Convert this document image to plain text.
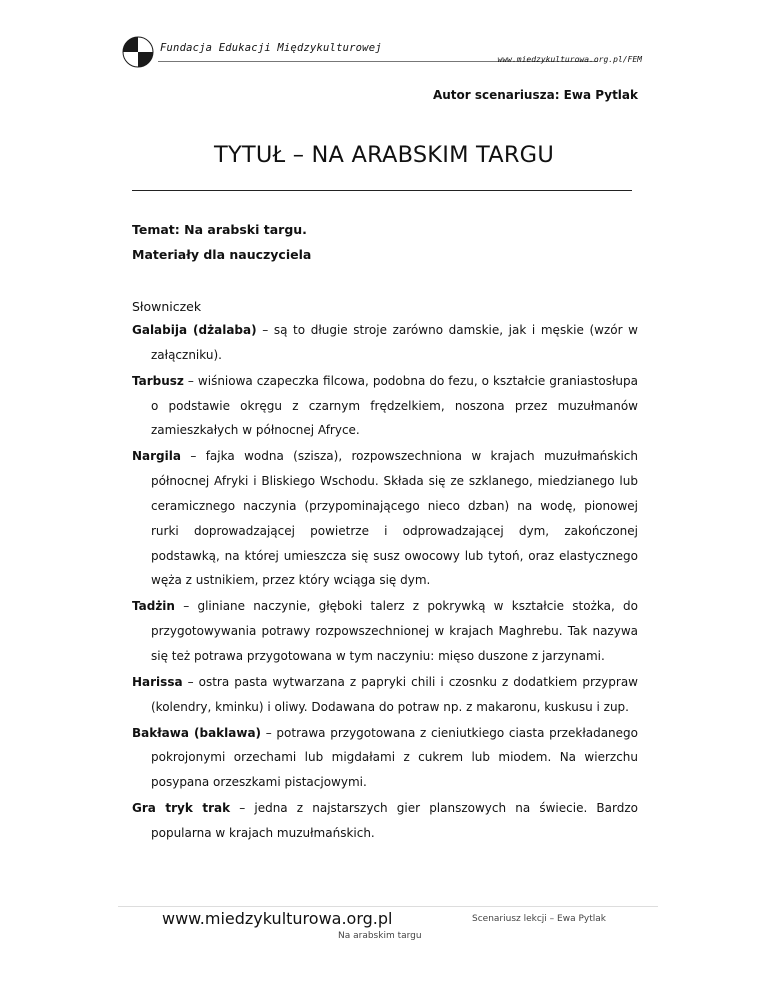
Fundacja Edukacji Międzykulturowej
www.miedzykulturowa.org.pl/FEM
Autor scenariusza: Ewa Pytlak
TYTUŁ – NA ARABSKIM TARGU
Temat: Na arabski targu.
Materiały dla nauczyciela
Słowniczek

Galabija (dżalaba) – są to długie stroje zarówno damskie, jak i męskie (wzór w załączniku).

Tarbusz – wiśniowa czapeczka filcowa, podobna do fezu, o kształcie graniastosłupa o podstawie okręgu z czarnym frędzelkiem, noszona przez muzułmanów zamieszkałych w północnej Afryce.

Nargila – fajka wodna (szisza), rozpowszechniona w krajach muzułmańskich północnej Afryki i Bliskiego Wschodu. Składa się ze szklanego, miedzianego lub ceramicznego naczynia (przypominającego nieco dzban) na wodę, pionowej rurki doprowadzającej powietrze i odprowadzającej dym, zakończonej podstawką, na której umieszcza się susz owocowy lub tytoń, oraz elastycznego węża z ustnikiem, przez który wciąga się dym.

Tadżin – gliniane naczynie, głęboki talerz z pokrywką w kształcie stożka, do przygotowywania potrawy rozpowszechnionej w krajach Maghrebu. Tak nazywa się też potrawa przygotowana w tym naczyniu: mięso duszone z jarzynami.

Harissa – ostra pasta wytwarzana z papryki chili i czosnku z dodatkiem przypraw (kolendry, kminku) i oliwy. Dodawana do potraw np. z makaronu, kuskusu i zup.

Bakława (baklawa) – potrawa przygotowana z cieniutkiego ciasta przekładanego pokrojonymi orzechami lub migdałami z cukrem lub miodem. Na wierzchu posypana orzeszkami pistacjowymi.

Gra tryk trak – jedna z najstarszych gier planszowych na świecie. Bardzo popularna w krajach muzułmańskich.

www.miedzykulturowa.org.pl
Na arabskim targu
Scenariusz lekcji – Ewa Pytlak
